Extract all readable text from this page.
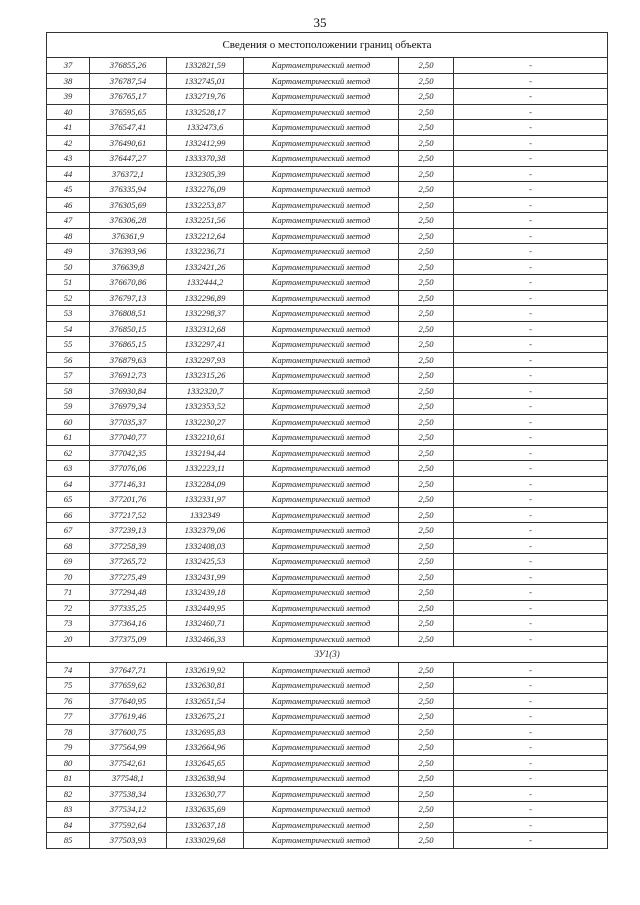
35
Сведения о местоположении границ объекта					
37	376855,26	1332821,59	Картометрический метод	2,50	-
38	376787,54	1332745,01	Картометрический метод	2,50	-
39	376765,17	1332719,76	Картометрический метод	2,50	-
40	376595,65	1332528,17	Картометрический метод	2,50	-
41	376547,41	1332473,6	Картометрический метод	2,50	-
42	376490,61	1332412,99	Картометрический метод	2,50	-
43	376447,27	1333370,38	Картометрический метод	2,50	-
44	376372,1	1332305,39	Картометрический метод	2,50	-
45	376335,94	1332276,09	Картометрический метод	2,50	-
46	376305,69	1332253,87	Картометрический метод	2,50	-
47	376306,28	1332251,56	Картометрический метод	2,50	-
48	376361,9	1332212,64	Картометрический метод	2,50	-
49	376393,96	1332236,71	Картометрический метод	2,50	-
50	376639,8	1332421,26	Картометрический метод	2,50	-
51	376670,86	1332444,2	Картометрический метод	2,50	-
52	376797,13	1332296,89	Картометрический метод	2,50	-
53	376808,51	1332298,37	Картометрический метод	2,50	-
54	376850,15	1332312,68	Картометрический метод	2,50	-
55	376865,15	1332297,41	Картометрический метод	2,50	-
56	376879,63	1332297,93	Картометрический метод	2,50	-
57	376912,73	1332315,26	Картометрический метод	2,50	-
58	376930,84	1332320,7	Картометрический метод	2,50	-
59	376979,34	1332353,52	Картометрический метод	2,50	-
60	377035,37	1332230,27	Картометрический метод	2,50	-
61	377040,77	1332210,61	Картометрический метод	2,50	-
62	377042,35	1332194,44	Картометрический метод	2,50	-
63	377076,06	1332223,11	Картометрический метод	2,50	-
64	377146,31	1332284,09	Картометрический метод	2,50	-
65	377201,76	1332331,97	Картометрический метод	2,50	-
66	377217,52	1332349	Картометрический метод	2,50	-
67	377239,13	1332379,06	Картометрический метод	2,50	-
68	377258,39	1332408,03	Картометрический метод	2,50	-
69	377265,72	1332425,53	Картометрический метод	2,50	-
70	377275,49	1332431,99	Картометрический метод	2,50	-
71	377294,48	1332439,18	Картометрический метод	2,50	-
72	377335,25	1332449,95	Картометрический метод	2,50	-
73	377364,16	1332460,71	Картометрический метод	2,50	-
20	377375,09	1332466,33	Картометрический метод	2,50	-
ЗУ1(3)					
74	377647,71	1332619,92	Картометрический метод	2,50	-
75	377659,62	1332630,81	Картометрический метод	2,50	-
76	377640,95	1332651,54	Картометрический метод	2,50	-
77	377619,46	1332675,21	Картометрический метод	2,50	-
78	377600,75	1332695,83	Картометрический метод	2,50	-
79	377564,99	1332664,96	Картометрический метод	2,50	-
80	377542,61	1332645,65	Картометрический метод	2,50	-
81	377548,1	1332638,94	Картометрический метод	2,50	-
82	377538,34	1332630,77	Картометрический метод	2,50	-
83	377534,12	1332635,69	Картометрический метод	2,50	-
84	377592,64	1332637,18	Картометрический метод	2,50	-
85	377503,93	1333029,68	Картометрический метод	2,50	-
